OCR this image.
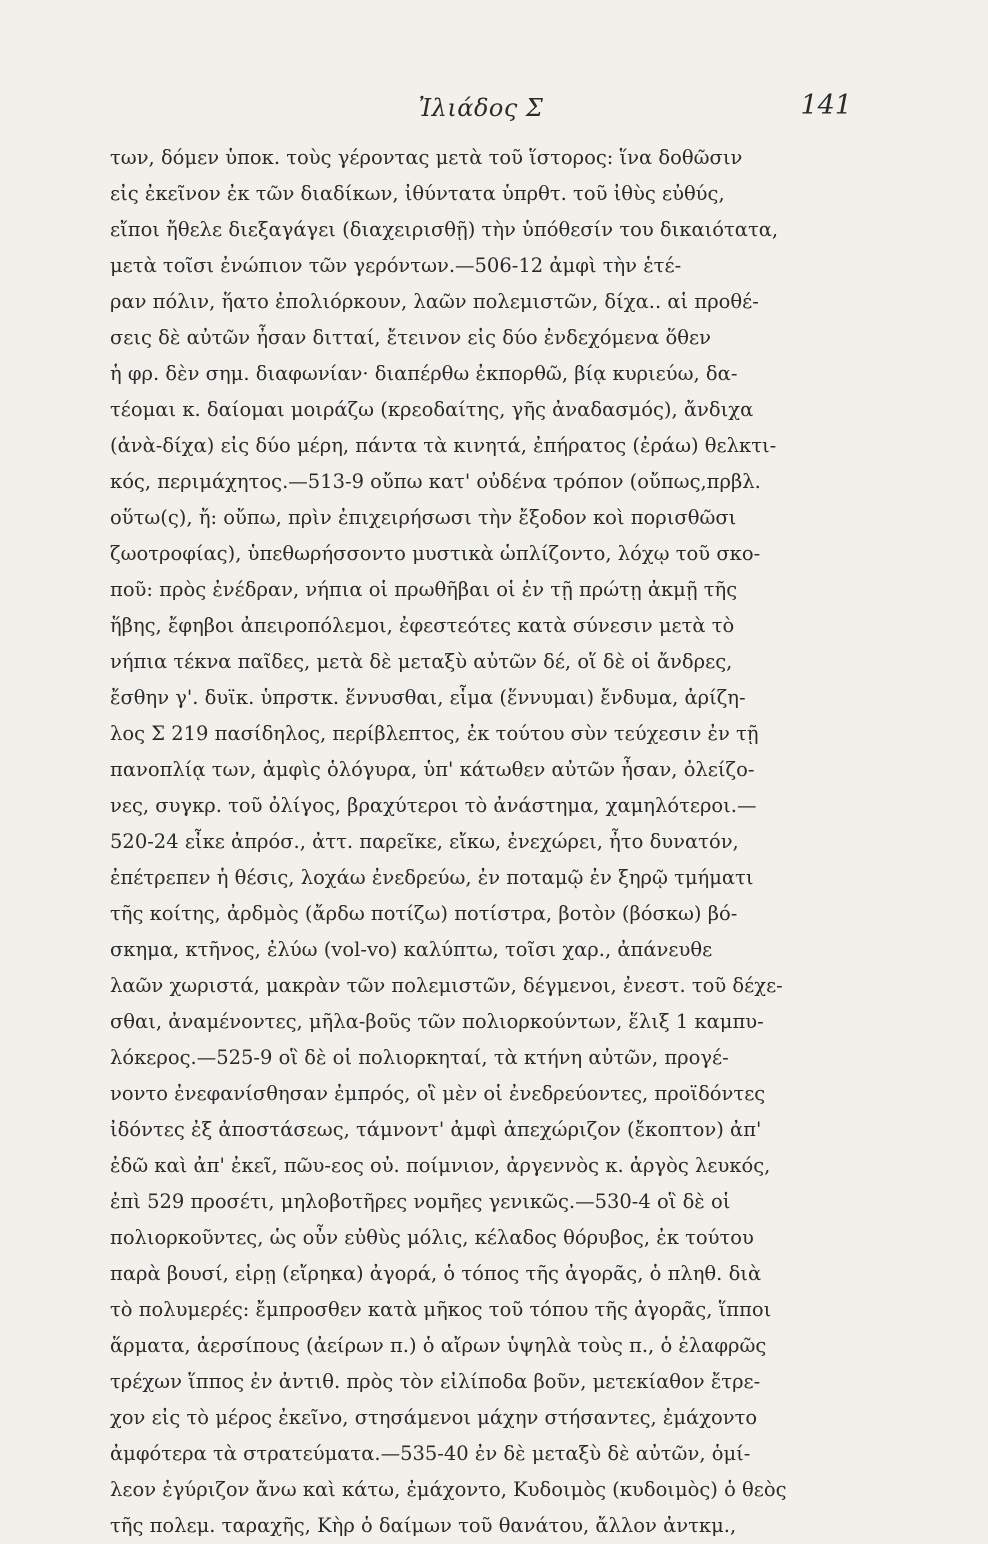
Ἰλιάδος Σ	141
των, δόμεν ὑποκ. τοὺς γέροντας μετὰ τοῦ ἵστορος: ἵνα δοθῶσιν
εἰς ἐκεῖνον ἐκ τῶν διαδίκων, ἰθύντατα ὑπρθτ. τοῦ ἰθὺς εὐθύς,
εἴποι ἤθελε διεξαγάγει (διαχειρισθῇ) τὴν ὑπόθεσίν του δικαιότατα,
μετὰ τοῖσι ἐνώπιον τῶν γερόντων.—506-12 ἀμφὶ τὴν ἑτέ-
ραν πόλιν, ἥατο ἐπολιόρκουν, λαῶν πολεμιστῶν, δίχα.. αἱ προθέ-
σεις δὲ αὐτῶν ἦσαν διτταί, ἔτεινον εἰς δύο ἐνδεχόμενα ὅθεν
ἡ φρ. δὲν σημ. διαφωνίαν· διαπέρθω ἐκπορθῶ, βίᾳ κυριεύω, δα-
τέομαι κ. δαίομαι μοιράζω (κρεοδαίτης, γῆς ἀναδασμός), ἄνδιχα
(ἀνὰ-δίχα) εἰς δύο μέρη, πάντα τὰ κινητά, ἐπήρατος (ἐράω) θελκτι-
κός, περιμάχητος.—513-9 οὔπω κατ' οὐδένα τρόπον (οὔπως,πρβλ.
οὕτω(ς), ἤ: οὔπω, πρὶν ἐπιχειρήσωσι τὴν ἔξοδον κοὶ πορισθῶσι
ζωοτροφίας), ὑπεθωρήσσοντο μυστικὰ ὡπλίζοντο, λόχῳ τοῦ σκο-
ποῦ: πρὸς ἐνέδραν, νήπια οἱ πρωθῆβαι οἱ ἐν τῇ πρώτῃ ἀκμῇ τῆς
ἥβης, ἔφηβοι ἀπειροπόλεμοι, ἐφεστεότες κατὰ σύνεσιν μετὰ τὸ
νήπια τέκνα παῖδες, μετὰ δὲ μεταξὺ αὐτῶν δέ, οἵ δὲ οἱ ἄνδρες,
ἔσθην γ'. δυϊκ. ὑπρστκ. ἕννυσθαι, εἷμα (ἕννυμαι) ἔνδυμα, ἀρίζη-
λος Σ 219 πασίδηλος, περίβλεπτος, ἐκ τούτου σὺν τεύχεσιν ἐν τῇ
πανοπλίᾳ των, ἀμφὶς ὁλόγυρα, ὑπ' κάτωθεν αὐτῶν ἦσαν, ὀλείζο-
νες, συγκρ. τοῦ ὀλίγος, βραχύτεροι τὸ ἀνάστημα, χαμηλότεροι.—
520-24 εἶκε ἀπρόσ., ἀττ. παρεῖκε, εἴκω, ἐνεχώρει, ἦτο δυνατόν,
ἐπέτρεπεν ἡ θέσις, λοχάω ἐνεδρεύω, ἐν ποταμῷ ἐν ξηρῷ τμήματι
τῆς κοίτης, ἀρδμὸς (ἄρδω ποτίζω) ποτίστρα, βοτὸν (βόσκω) βό-
σκημα, κτῆνος, ἐλύω (vol-vo) καλύπτω, τοῖσι χαρ., ἀπάνευθε
λαῶν χωριστά, μακρὰν τῶν πολεμιστῶν, δέγμενοι, ἐνεστ. τοῦ δέχε-
σθαι, ἀναμένοντες, μῆλα-βοῦς τῶν πολιορκούντων, ἕλιξ 1 καμπυ-
λόκερος.—525-9 οἳ δὲ οἱ πολιορκηταί, τὰ κτήνη αὐτῶν, προγέ-
νοντο ἐνεφανίσθησαν ἐμπρός, οἳ μὲν οἱ ἐνεδρεύοντες, προϊδόντες
ἰδόντες ἐξ ἀποστάσεως, τάμνοντ' ἀμφὶ ἀπεχώριζον (ἔκοπτον) ἀπ'
ἐδῶ καὶ ἀπ' ἐκεῖ, πῶυ-εος οὐ. ποίμνιον, ἀργεννὸς κ. ἀργὸς λευκός,
ἐπὶ 529 προσέτι, μηλοβοτῆρες νομῆες γενικῶς.—530-4 οἳ δὲ οἱ
πολιορκοῦντες, ὡς οὖν εὐθὺς μόλις, κέλαδος θόρυβος, ἐκ τούτου
παρὰ βουσί, εἰρῃ (εἴρηκα) ἀγορά, ὁ τόπος τῆς ἀγορᾶς, ὁ πληθ. διὰ
τὸ πολυμερές: ἔμπροσθεν κατὰ μῆκος τοῦ τόπου τῆς ἀγορᾶς, ἵπποι
ἅρματα, ἀερσίπους (ἀείρων π.) ὁ αἴρων ὑψηλὰ τοὺς π., ὁ ἐλαφρῶς
τρέχων ἵππος ἐν ἀντιθ. πρὸς τὸν εἰλίποδα βοῦν, μετεκίαθον ἔτρε-
χον εἰς τὸ μέρος ἐκεῖνο, στησάμενοι μάχην στήσαντες, ἐμάχοντο
ἀμφότερα τὰ στρατεύματα.—535-40 ἐν δὲ μεταξὺ δὲ αὐτῶν, ὁμί-
λεον ἐγύριζον ἄνω καὶ κάτω, ἐμάχοντο, Κυδοιμὸς (κυδοιμὸς) ὁ θεὸς
τῆς πολεμ. ταραχῆς, Κὴρ ὁ δαίμων τοῦ θανάτου, ἄλλον ἀντκμ.,
